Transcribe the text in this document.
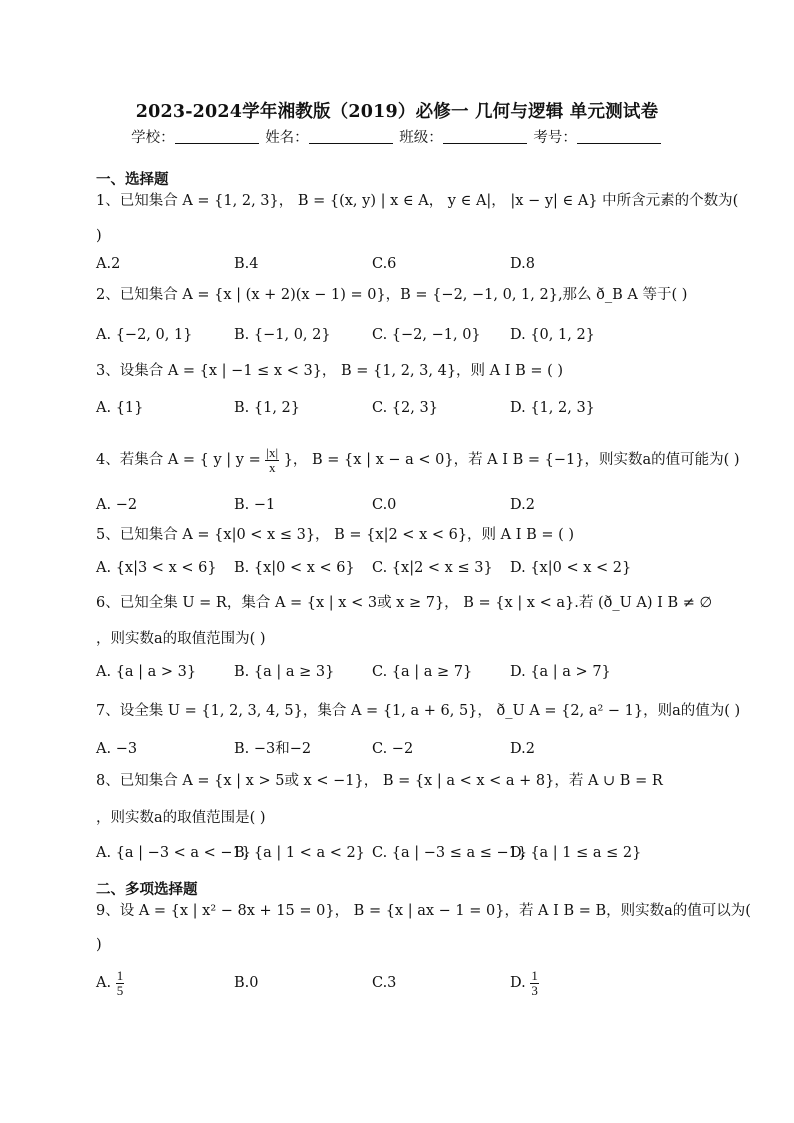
2023-2024学年湘教版（2019）必修一 几何与逻辑 单元测试卷
学校：	姓名：	班级：	考号：
一、选择题
1、已知集合 A = {1, 2, 3}， B = {(x, y) | x ∈ A， y ∈ A|， |x − y| ∈ A} 中所含元素的个数为(
)
A.2	B.4	C.6	D.8
2、已知集合 A = {x | (x + 2)(x − 1) = 0}，B = {−2, −1, 0, 1, 2},那么 ð_B A 等于( )
A. {−2, 0, 1}	B. {−1, 0, 2}	C. {−2, −1, 0} D. {0, 1, 2}
3、设集合 A = {x | −1 ≤ x < 3}， B = {1, 2, 3, 4}，则 A I B = ( )
A. {1}	B. {1, 2}	C. {2, 3}	D. {1, 2, 3}
4、若集合 A = { y | $y = \frac{|x|}{x}$ }， B = {x | x − a < 0}，若 A I B = {−1}，则实数a的值可能为( )
A. −2	B. −1	C.0	D.2
5、已知集合 A = {x|0 < x ≤ 3}， B = {x|2 < x < 6}，则 A I B = ( )
A. {x|3 < x < 6} B. {x|0 < x < 6} C. {x|2 < x ≤ 3} D. {x|0 < x < 2}
6、已知全集 U = R，集合 A = {x | x < 3或 x ≥ 7}， B = {x | x < a}.若 (ð_U A) I B ≠ ∅
，则实数a的取值范围为( )
A. {a | a > 3}	B. {a | a ≥ 3}	C. {a | a ≥ 7}	D. {a | a > 7}
7、设全集 U = {1, 2, 3, 4, 5}，集合 A = {1, a + 6, 5}， ð_U A = {2, a² − 1}，则a的值为( )
A. −3	B. −3和−2	C. −2	D.2
8、已知集合 A = {x | x > 5或 x < −1}， B = {x | a < x < a + 8}，若 A ∪ B = R
，则实数a的取值范围是( )
A. {a | −3 < a < −1}
B. {a | 1 < a < 2} C. {a | −3 ≤ a ≤ −1}
D. {a | 1 ≤ a ≤ 2}
二、多项选择题
9、设 A = {x | x² − 8x + 15 = 0}， B = {x | ax − 1 = 0}，若 A I B = B，则实数a的值可以为(
)
A. $\frac{1}{5}$	B.0	C.3	D. $\frac{1}{3}$
